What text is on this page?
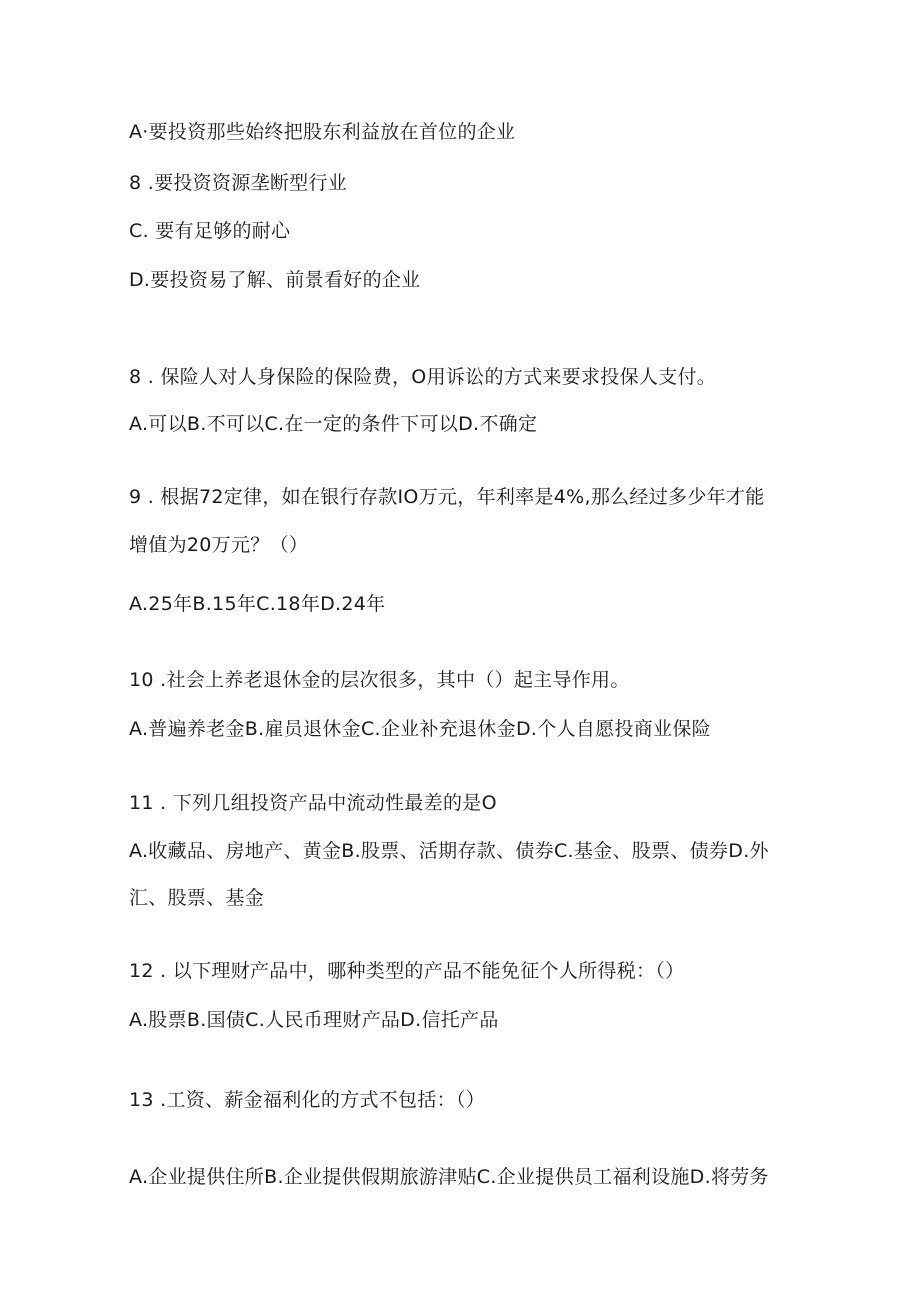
A·要投资那些始终把股东利益放在首位的企业
8 .要投资资源垄断型行业
C. 要有足够的耐心
D.要投资易了解、前景看好的企业
8 . 保险人对人身保险的保险费，O用诉讼的方式来要求投保人支付。
A.可以B.不可以C.在一定的条件下可以D.不确定
9 . 根据72定律，如在银行存款IO万元，年利率是4%,那么经过多少年才能
增值为20万元？（）
A.25年B.15年C.18年D.24年
10 .社会上养老退休金的层次很多，其中（）起主导作用。
A.普遍养老金B.雇员退休金C.企业补充退休金D.个人自愿投商业保险
11 . 下列几组投资产品中流动性最差的是O
A.收藏品、房地产、黄金B.股票、活期存款、债券C.基金、股票、债券D.外
汇、股票、基金
12 . 以下理财产品中，哪种类型的产品不能免征个人所得税：（）
A.股票B.国债C.人民币理财产品D.信托产品
13 .工资、薪金福利化的方式不包括：（）
A.企业提供住所B.企业提供假期旅游津贴C.企业提供员工福利设施D.将劳务
